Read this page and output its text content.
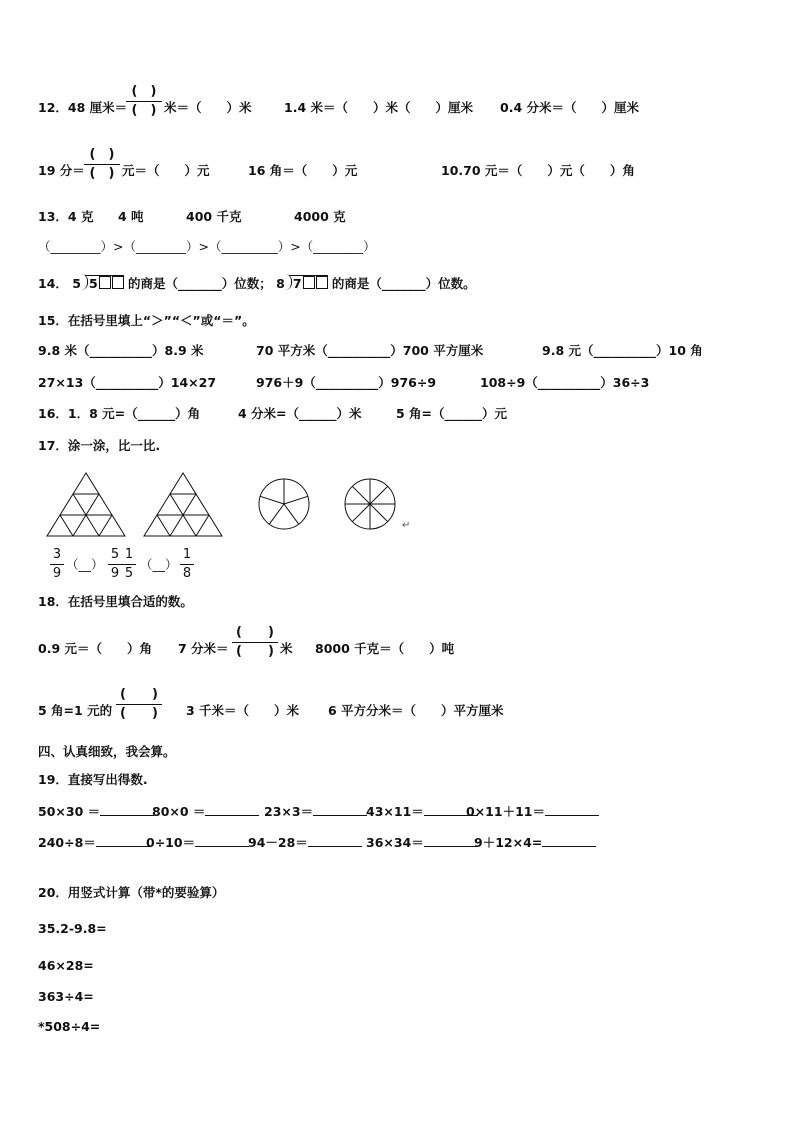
12．48 厘米＝
(　)
(　) 米＝（　　）米	1.4 米＝（　　）米（　　）厘米 0.4 分米＝（　　）厘米
19 分＝
(　)
(　) 元＝（　　）元	16 角＝（　　）元	10.70 元＝（　　）元（　　）角
13．4 克 4 吨	400 千克	4000 克
（________）>（________）>（_________）>（________）
14． 5 5 的商是（_______）位数； 8 7 的商是（_______）位数。
15．在括号里填上“＞”“＜”或“＝”。
9.8 米（__________）8.9 米	70 平方米（__________）700 平方厘米	9.8 元（__________）10 角
27×13（__________）14×27	976＋9（__________）976÷9	108÷9（__________）36÷3
16．1．8 元=（______）角	4 分米=（______）米	5 角=（______）元
17．涂一涂，比一比.
↵
3
9
（__）
5
9
1
5
（__）
1
8
18．在括号里填合适的数。
0.9 元＝（　　）角 7 分米＝
(　　)
(　　) 米 8000 千克＝（　　）吨
5 角=1 元的
(　　)
(　　)	3 千米＝（　　）米 6 平方分米＝（　　）平方厘米
四、认真细致，我会算。
19．直接写出得数.
50×30 ＝	80×0 ＝	23×3＝	43×11＝	0×11＋11＝
240÷8＝	0÷10＝	94－28＝	36×34＝	9＋12×4=
20．用竖式计算（带*的要验算）
35.2-9.8=
46×28=
363÷4=
*508÷4=
